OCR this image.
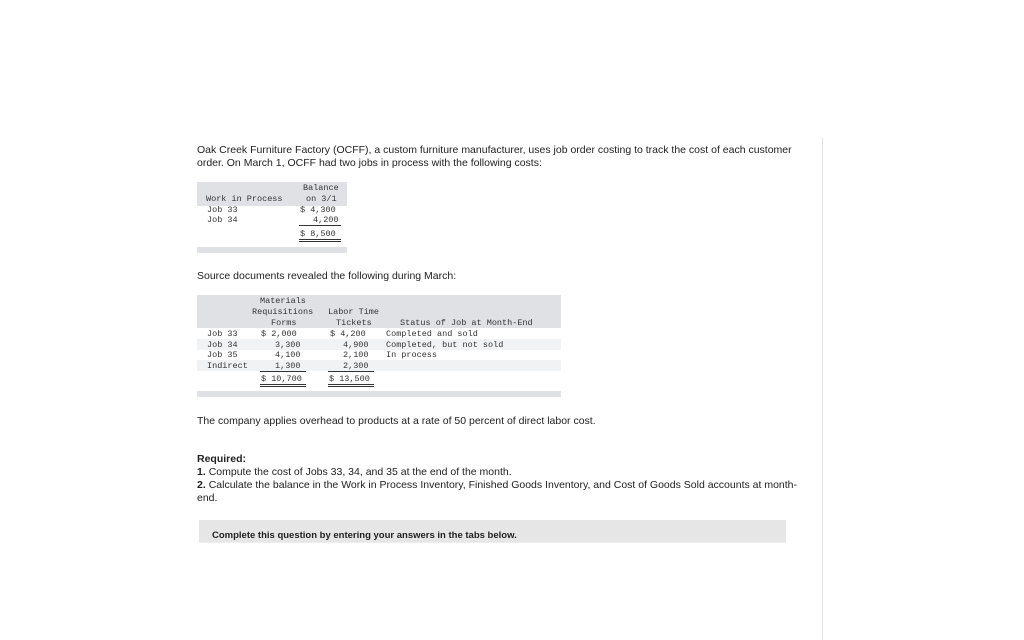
Oak Creek Furniture Factory (OCFF), a custom furniture manufacturer, uses job order costing to track the cost of each customer order. On March 1, OCFF had two jobs in process with the following costs:

Balance
on 3/1
Work in Process
Job 33	$ 4,300
Job 34	4,200
$ 8,500

Source documents revealed the following during March:

Materials
Requisitions Labor Time
Forms	Tickets	Status of Job at Month-End
Job 33	$ 2,000	$ 4,200 Completed and sold
Job 34	3,300	4,900 Completed, but not sold
Job 35	4,100	2,100 In process
Indirect	1,300	2,300
$ 10,700	$ 13,500

The company applies overhead to products at a rate of 50 percent of direct labor cost.

Required:
1. Compute the cost of Jobs 33, 34, and 35 at the end of the month.
2. Calculate the balance in the Work in Process Inventory, Finished Goods Inventory, and Cost of Goods Sold accounts at month-end.
Complete this question by entering your answers in the tabs below.
